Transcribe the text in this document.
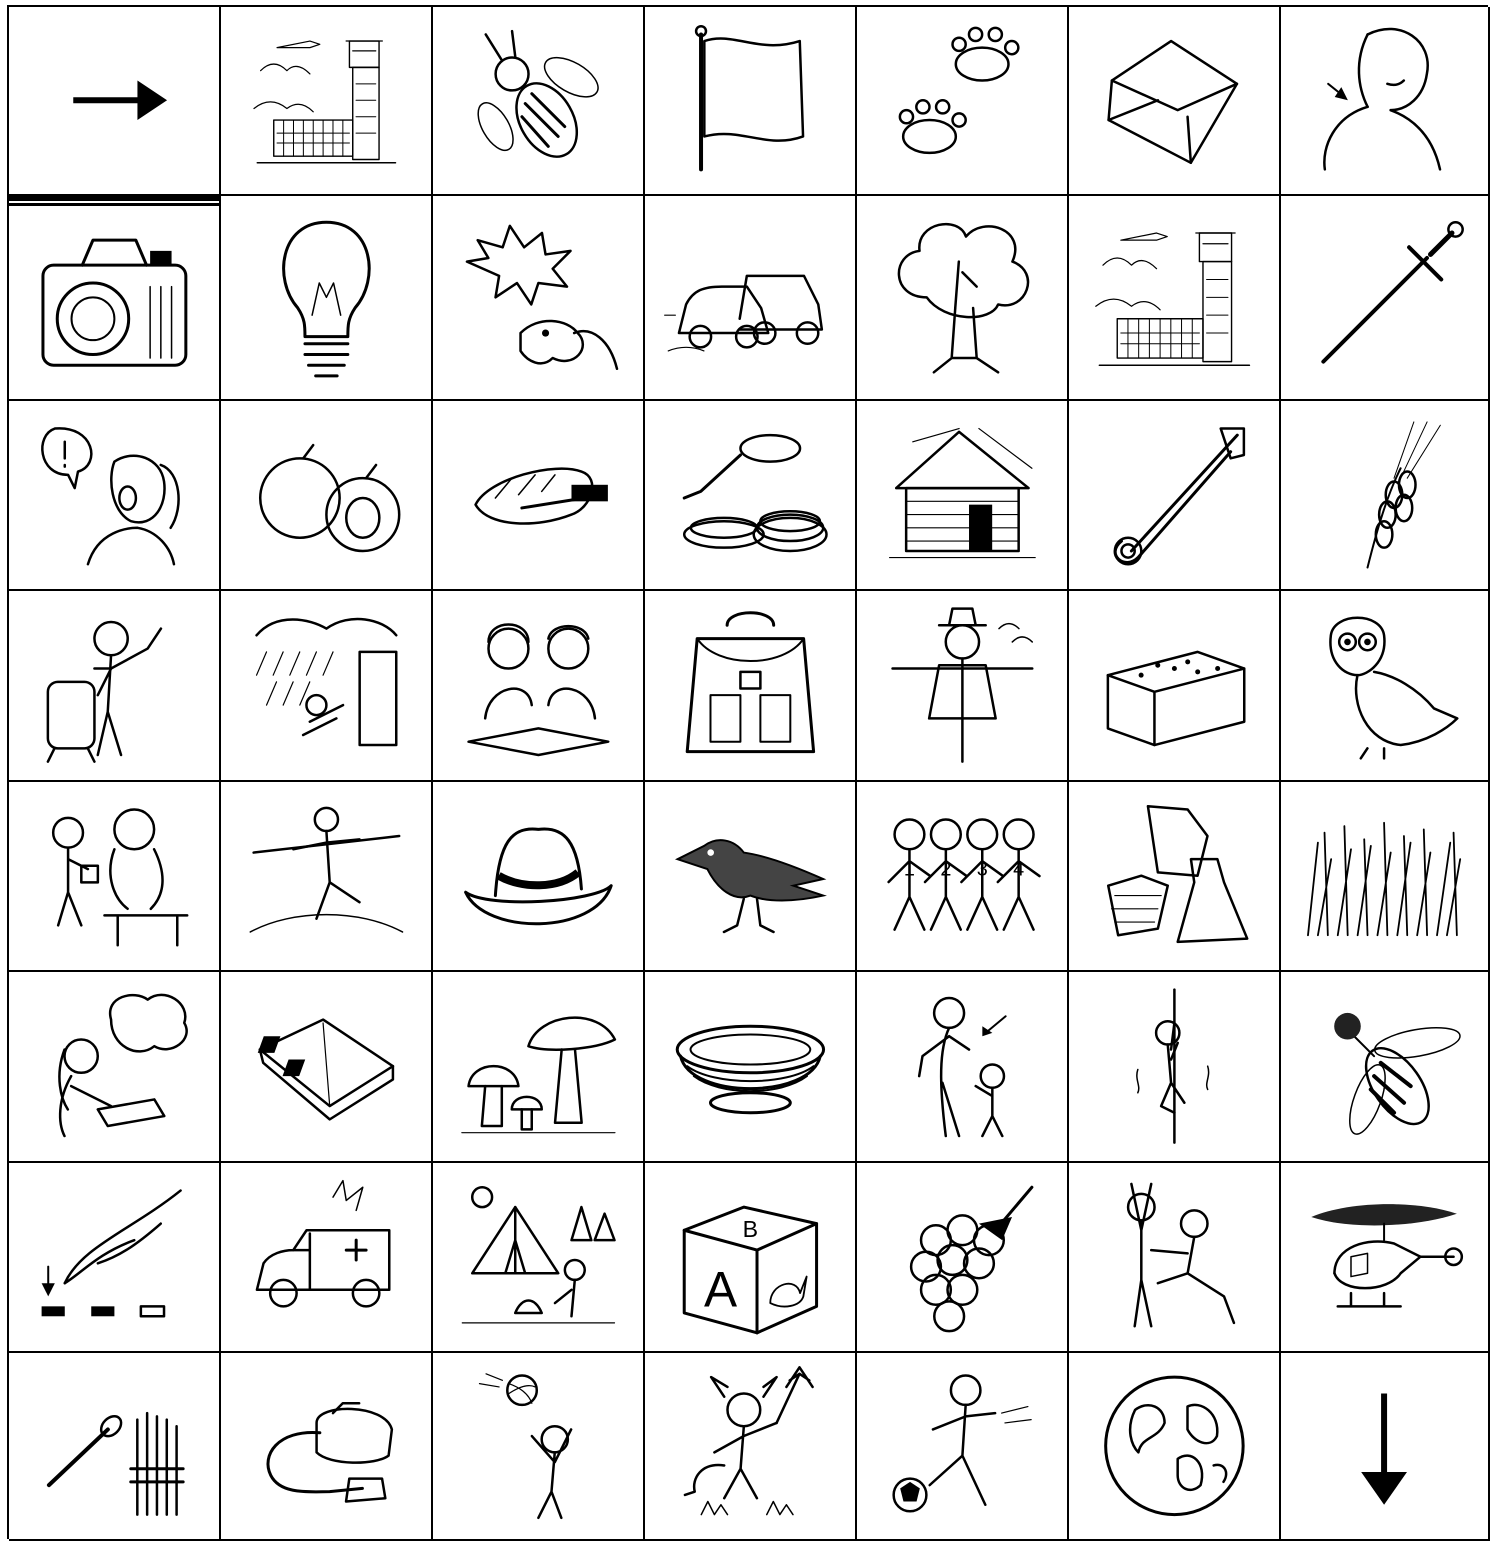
1 2 3 4
B
A
